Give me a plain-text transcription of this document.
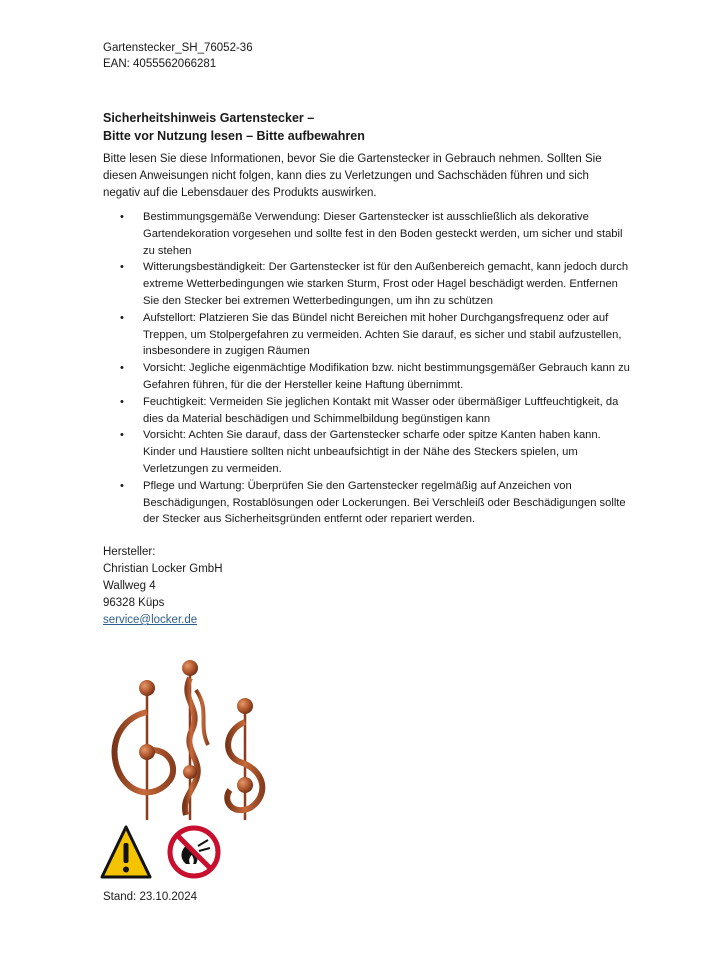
Gartenstecker_SH_76052-36
EAN: 4055562066281
Sicherheitshinweis Gartenstecker –
Bitte vor Nutzung lesen – Bitte aufbewahren
Bitte lesen Sie diese Informationen, bevor Sie die Gartenstecker in Gebrauch nehmen. Sollten Sie diesen Anweisungen nicht folgen, kann dies zu Verletzungen und Sachschäden führen und sich negativ auf die Lebensdauer des Produkts auswirken.
• Bestimmungsgemäße Verwendung: Dieser Gartenstecker ist ausschließlich als dekorative Gartendekoration vorgesehen und sollte fest in den Boden gesteckt werden, um sicher und stabil zu stehen
• Witterungsbeständigkeit: Der Gartenstecker ist für den Außenbereich gemacht, kann jedoch durch extreme Wetterbedingungen wie starken Sturm, Frost oder Hagel beschädigt werden. Entfernen Sie den Stecker bei extremen Wetterbedingungen, um ihn zu schützen
• Aufstellort: Platzieren Sie das Bündel nicht Bereichen mit hoher Durchgangsfrequenz oder auf Treppen, um Stolpergefahren zu vermeiden. Achten Sie darauf, es sicher und stabil aufzustellen, insbesondere in zugigen Räumen
• Vorsicht: Jegliche eigenmächtige Modifikation bzw. nicht bestimmungsgemäßer Gebrauch kann zu Gefahren führen, für die der Hersteller keine Haftung übernimmt.
• Feuchtigkeit: Vermeiden Sie jeglichen Kontakt mit Wasser oder übermäßiger Luftfeuchtigkeit, da dies da Material beschädigen und Schimmelbildung begünstigen kann
• Vorsicht: Achten Sie darauf, dass der Gartenstecker scharfe oder spitze Kanten haben kann. Kinder und Haustiere sollten nicht unbeaufsichtigt in der Nähe des Steckers spielen, um Verletzungen zu vermeiden.
• Pflege und Wartung: Überprüfen Sie den Gartenstecker regelmäßig auf Anzeichen von Beschädigungen, Rostablösungen oder Lockerungen. Bei Verschleiß oder Beschädigungen sollte der Stecker aus Sicherheitsgründen entfernt oder repariert werden.
Hersteller:
Christian Locker GmbH
Wallweg 4
96328 Küps
service@locker.de
Stand: 23.10.2024
